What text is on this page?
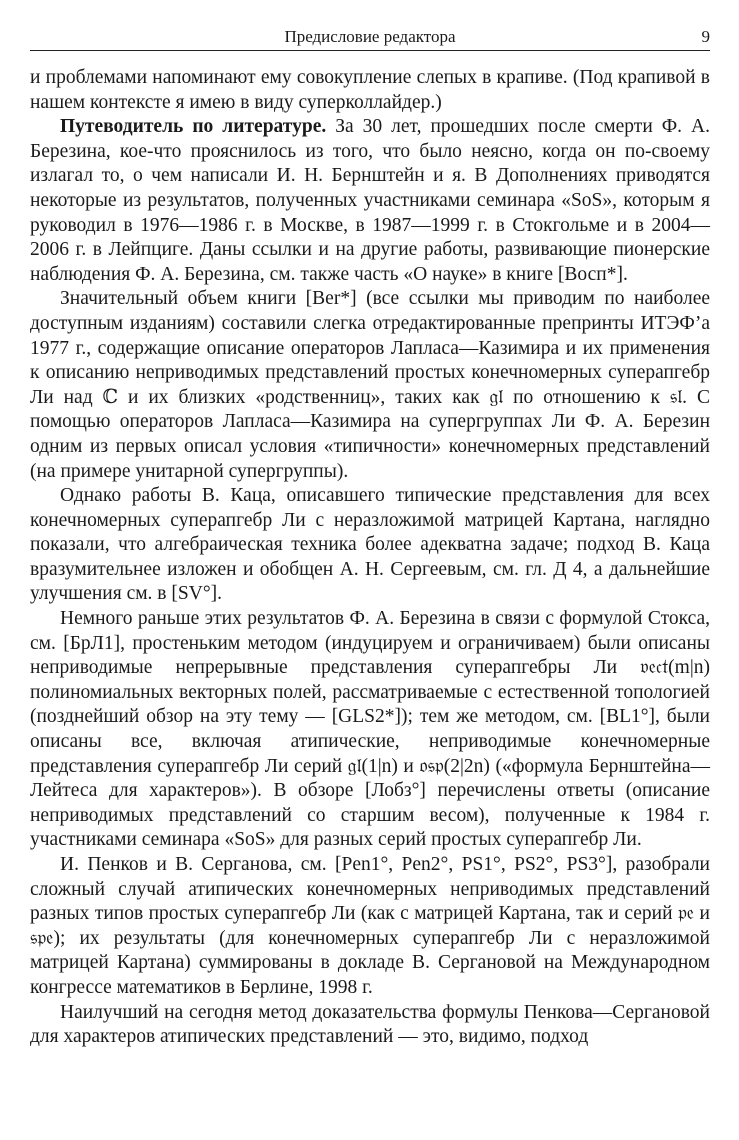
Предисловие редактора	9

и проблемами напоминают ему совокупление слепых в крапиве. (Под крапивой в нашем контексте я имею в виду суперколлайдер.)

Путеводитель по литературе. За 30 лет, прошедших после смерти Ф. А. Березина, кое-что прояснилось из того, что было неясно, когда он по-своему излагал то, о чем написали И. Н. Бернштейн и я. В Дополнениях приводятся некоторые из результатов, полученных участниками семинара «SoS», которым я руководил в 1976—1986 г. в Москве, в 1987—1999 г. в Стокгольме и в 2004—2006 г. в Лейпциге. Даны ссылки и на другие работы, развивающие пионерские наблюдения Ф. А. Березина, см. также часть «О науке» в книге [Восп*].

Значительный объем книги [Ber*] (все ссылки мы приводим по наиболее доступным изданиям) составили слегка отредактированные препринты ИТЭФ’а 1977 г., содержащие описание операторов Лапласа—Казимира и их применения к описанию неприводимых представлений простых конечномерных суперапгебр Ли над ℂ и их близких «родственниц», таких как 𝔤𝔩 по отношению к 𝔰𝔩. С помощью операторов Лапласа—Казимира на супергруппах Ли Ф. А. Березин одним из первых описал условия «типичности» конечномерных представлений (на примере унитарной супергруппы).

Однако работы В. Каца, описавшего типические представления для всех конечномерных суперапгебр Ли с неразложимой матрицей Картана, наглядно показали, что алгебраическая техника более адекватна задаче; подход В. Каца вразумительнее изложен и обобщен А. Н. Сергеевым, см. гл. Д 4, а дальнейшие улучшения см. в [SV°].

Немного раньше этих результатов Ф. А. Березина в связи с формулой Стокса, см. [БрЛ1], простеньким методом (индуцируем и ограничиваем) были описаны неприводимые непрерывные представления суперапгебры Ли 𝔳𝔢𝔠𝔱(m|n) полиномиальных векторных полей, рассматриваемые с естественной топологией (позднейший обзор на эту тему — [GLS2*]); тем же методом, см. [BL1°], были описаны все, включая атипические, неприводимые конечномерные представления суперапгебр Ли серий 𝔤𝔩(1|n) и 𝔬𝔰𝔭(2|2n) («формула Бернштейна—Лейтеса для характеров»). В обзоре [Лобз°] перечислены ответы (описание неприводимых представлений со старшим весом), полученные к 1984 г. участниками семинара «SoS» для разных серий простых суперапгебр Ли.

И. Пенков и В. Серганова, см. [Pen1°, Pen2°, PS1°, PS2°, PS3°], разобрали сложный случай атипических конечномерных неприводимых представлений разных типов простых суперапгебр Ли (как с матрицей Картана, так и серий 𝔭𝔢 и 𝔰𝔭𝔢); их результаты (для конечномерных суперапгебр Ли с неразложимой матрицей Картана) суммированы в докладе В. Сергановой на Международном конгрессе математиков в Берлине, 1998 г.

Наилучший на сегодня метод доказательства формулы Пенкова—Сергановой для характеров атипических представлений — это, видимо, подход
